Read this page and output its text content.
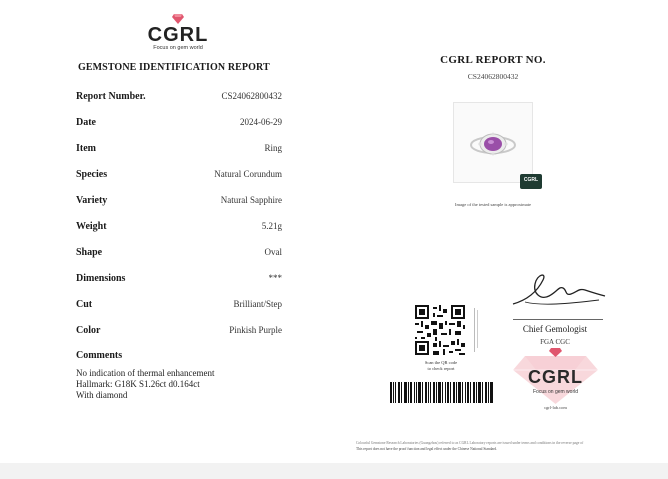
CGRL
Focus on gem world
GEMSTONE IDENTIFICATION REPORT
Report Number.	CS24062800432
Date	2024-06-29
Item	Ring
Species	Natural Corundum
Variety	Natural Sapphire
Weight	5.21g
Shape	Oval
Dimensions	***
Cut	Brilliant/Step
Color	Pinkish Purple
Comments
No indication of thermal enhancement
Hallmark: G18K S1.26ct d0.164ct
With diamond
CGRL REPORT NO.
CS24062800432
CGRL
Image of the tested sample is approximate
Scan the QR code
to check report
Chief Gemologist
FGA CGC
CGRL
Focus on gem world
cgrl-lab.com
Colourful Gemstone Research Laboratories (Guangzhou) referred to as CGRL Laboratory reports are issued under terms and conditions in the reverse page of
This report does not have the proof function and legal effect under the Chinese National Standard.
